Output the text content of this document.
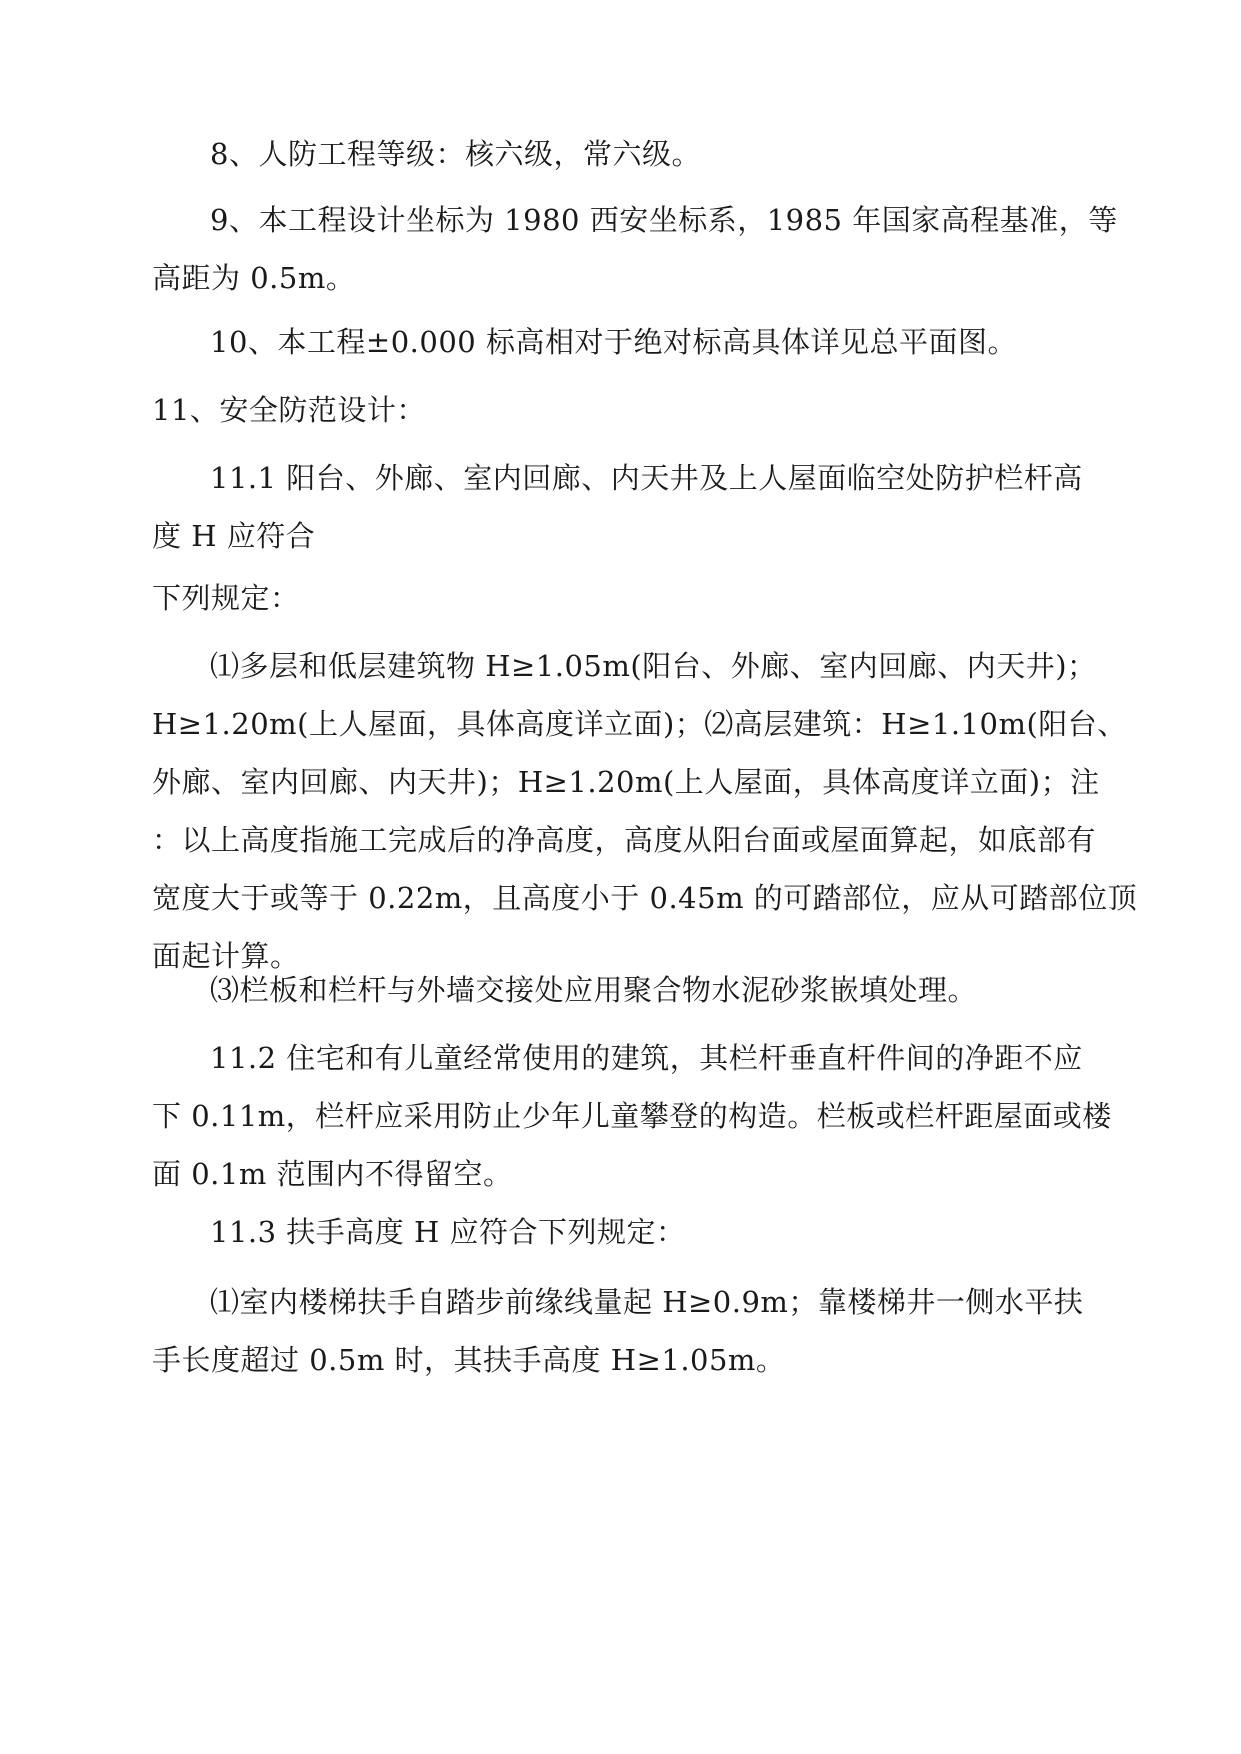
8、人防工程等级：核六级，常六级。

9、本工程设计坐标为 1980 西安坐标系，1985 年国家高程基准，等
高距为 0.5m。

10、本工程±0.000 标高相对于绝对标高具体详见总平面图。

11、安全防范设计：

11.1 阳台、外廊、室内回廊、内天井及上人屋面临空处防护栏杆高
度 H 应符合

下列规定：

⑴多层和低层建筑物 H≥1.05m(阳台、外廊、室内回廊、内天井)；
H≥1.20m(上人屋面，具体高度详立面)；⑵高层建筑：H≥1.10m(阳台、
外廊、室内回廊、内天井)；H≥1.20m(上人屋面，具体高度详立面)；注
：以上高度指施工完成后的净高度，高度从阳台面或屋面算起，如底部有
宽度大于或等于 0.22m，且高度小于 0.45m 的可踏部位，应从可踏部位顶
面起计算。

⑶栏板和栏杆与外墙交接处应用聚合物水泥砂浆嵌填处理。

11.2 住宅和有儿童经常使用的建筑，其栏杆垂直杆件间的净距不应
下 0.11m，栏杆应采用防止少年儿童攀登的构造。栏板或栏杆距屋面或楼
面 0.1m 范围内不得留空。

11.3 扶手高度 H 应符合下列规定：

⑴室内楼梯扶手自踏步前缘线量起 H≥0.9m；靠楼梯井一侧水平扶
手长度超过 0.5m 时，其扶手高度 H≥1.05m。
